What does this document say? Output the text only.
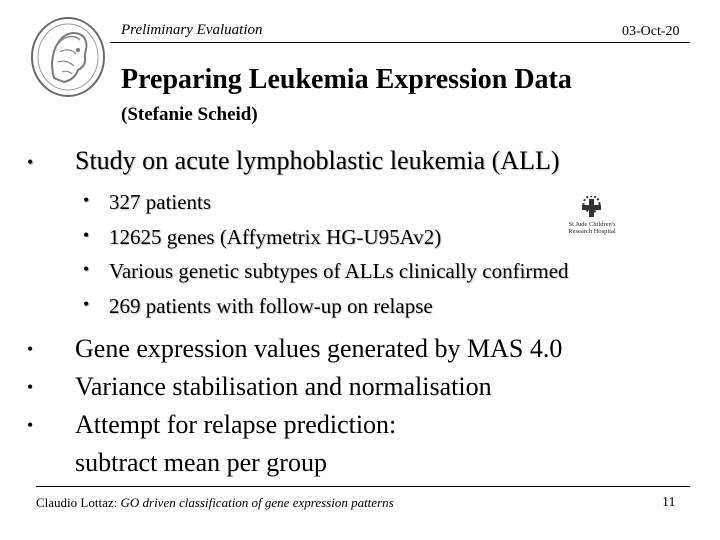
Preliminary Evaluation	03-Oct-20
Preparing Leukemia Expression Data
(Stefanie Scheid)
• Study on acute lymphoblastic leukemia (ALL)
• 327 patients
• 12625 genes (Affymetrix HG-U95Av2)
• Various genetic subtypes of ALLs clinically confirmed
• 269 patients with follow-up on relapse
St Jude Children's
Research Hospital
• Gene expression values generated by MAS 4.0
• Variance stabilisation and normalisation
• Attempt for relapse prediction:
subtract mean per group
Claudio Lottaz: GO driven classification of gene expression patterns	11
